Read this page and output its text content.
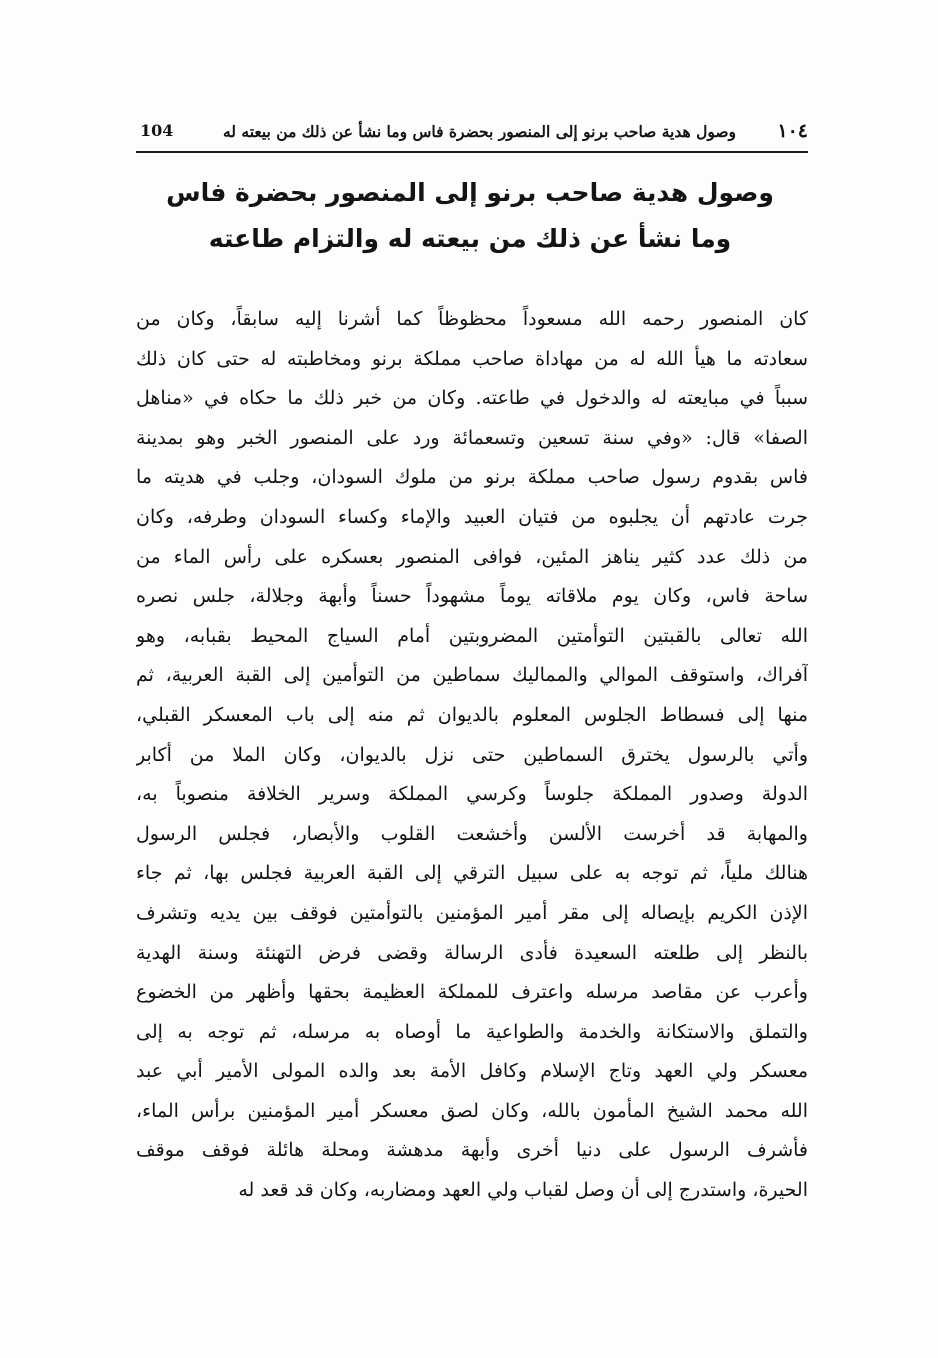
١٠٤
وصول هدية صاحب برنو إلى المنصور بحضرة فاس وما نشأ عن ذلك من بيعته له
104
وصول هدية صاحب برنو إلى المنصور بحضرة فاس
وما نشأ عن ذلك من بيعته له والتزام طاعته
كان المنصور رحمه الله مسعوداً محظوظاً كما أشرنا إليه سابقاً، وكان من
سعادته ما هيأ الله له من مهاداة صاحب مملكة برنو ومخاطبته له حتى كان ذلك
سبباً في مبايعته له والدخول في طاعته. وكان من خبر ذلك ما حكاه في «مناهل
الصفا» قال: «وفي سنة تسعين وتسعمائة ورد على المنصور الخبر وهو بمدينة
فاس بقدوم رسول صاحب مملكة برنو من ملوك السودان، وجلب في هديته ما
جرت عادتهم أن يجلبوه من فتيان العبيد والإماء وكساء السودان وطرفه، وكان
من ذلك عدد كثير يناهز المئين، فوافى المنصور بعسكره على رأس الماء من
ساحة فاس، وكان يوم ملاقاته يوماً مشهوداً حسناً وأبهة وجلالة، جلس نصره
الله تعالى بالقبتين التوأمتين المضروبتين أمام السياج المحيط بقبابه، وهو
آفراك، واستوقف الموالي والمماليك سماطين من التوأمين إلى القبة العربية، ثم
منها إلى فسطاط الجلوس المعلوم بالديوان ثم منه إلى باب المعسكر القبلي،
وأتي بالرسول يخترق السماطين حتى نزل بالديوان، وكان الملا من أكابر
الدولة وصدور المملكة جلوساً وكرسي المملكة وسرير الخلافة منصوباً به،
والمهابة قد أخرست الألسن وأخشعت القلوب والأبصار، فجلس الرسول
هنالك ملياً، ثم توجه به على سبيل الترقي إلى القبة العربية فجلس بها، ثم جاء
الإذن الكريم بإيصاله إلى مقر أمير المؤمنين بالتوأمتين فوقف بين يديه وتشرف
بالنظر إلى طلعته السعيدة فأدى الرسالة وقضى فرض التهنئة وسنة الهدية
وأعرب عن مقاصد مرسله واعترف للمملكة العظيمة بحقها وأظهر من الخضوع
والتملق والاستكانة والخدمة والطواعية ما أوصاه به مرسله، ثم توجه به إلى
معسكر ولي العهد وتاج الإسلام وكافل الأمة بعد والده المولى الأمير أبي عبد
الله محمد الشيخ المأمون بالله، وكان لصق معسكر أمير المؤمنين برأس الماء،
فأشرف الرسول على دنيا أخرى وأبهة مدهشة ومحلة هائلة فوقف موقف
الحيرة، واستدرج إلى أن وصل لقباب ولي العهد ومضاربه، وكان قد قعد له
